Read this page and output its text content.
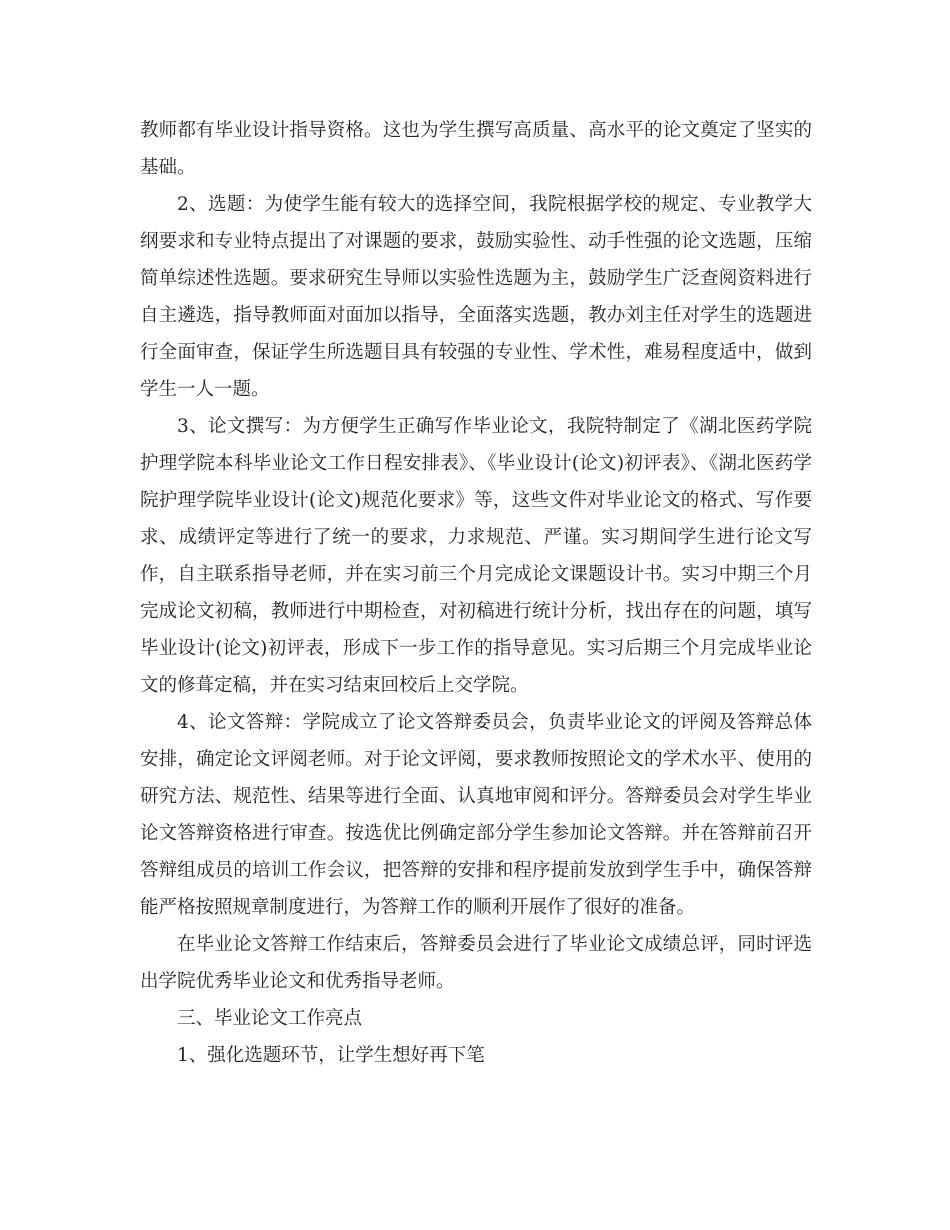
教师都有毕业设计指导资格。这也为学生撰写高质量、高水平的论文奠定了坚实的基础。

2、选题：为使学生能有较大的选择空间，我院根据学校的规定、专业教学大纲要求和专业特点提出了对课题的要求，鼓励实验性、动手性强的论文选题，压缩简单综述性选题。要求研究生导师以实验性选题为主，鼓励学生广泛查阅资料进行自主遴选，指导教师面对面加以指导，全面落实选题，教办刘主任对学生的选题进行全面审查，保证学生所选题目具有较强的专业性、学术性，难易程度适中，做到学生一人一题。

3、论文撰写：为方便学生正确写作毕业论文，我院特制定了《湖北医药学院护理学院本科毕业论文工作日程安排表》、《毕业设计(论文)初评表》、《湖北医药学院护理学院毕业设计(论文)规范化要求》等，这些文件对毕业论文的格式、写作要求、成绩评定等进行了统一的要求，力求规范、严谨。实习期间学生进行论文写作，自主联系指导老师，并在实习前三个月完成论文课题设计书。实习中期三个月完成论文初稿，教师进行中期检查，对初稿进行统计分析，找出存在的问题，填写毕业设计(论文)初评表，形成下一步工作的指导意见。实习后期三个月完成毕业论文的修葺定稿，并在实习结束回校后上交学院。

4、论文答辩：学院成立了论文答辩委员会，负责毕业论文的评阅及答辩总体安排，确定论文评阅老师。对于论文评阅，要求教师按照论文的学术水平、使用的研究方法、规范性、结果等进行全面、认真地审阅和评分。答辩委员会对学生毕业论文答辩资格进行审查。按选优比例确定部分学生参加论文答辩。并在答辩前召开答辩组成员的培训工作会议，把答辩的安排和程序提前发放到学生手中，确保答辩能严格按照规章制度进行，为答辩工作的顺利开展作了很好的准备。

在毕业论文答辩工作结束后，答辩委员会进行了毕业论文成绩总评，同时评选出学院优秀毕业论文和优秀指导老师。

三、毕业论文工作亮点

1、强化选题环节，让学生想好再下笔
